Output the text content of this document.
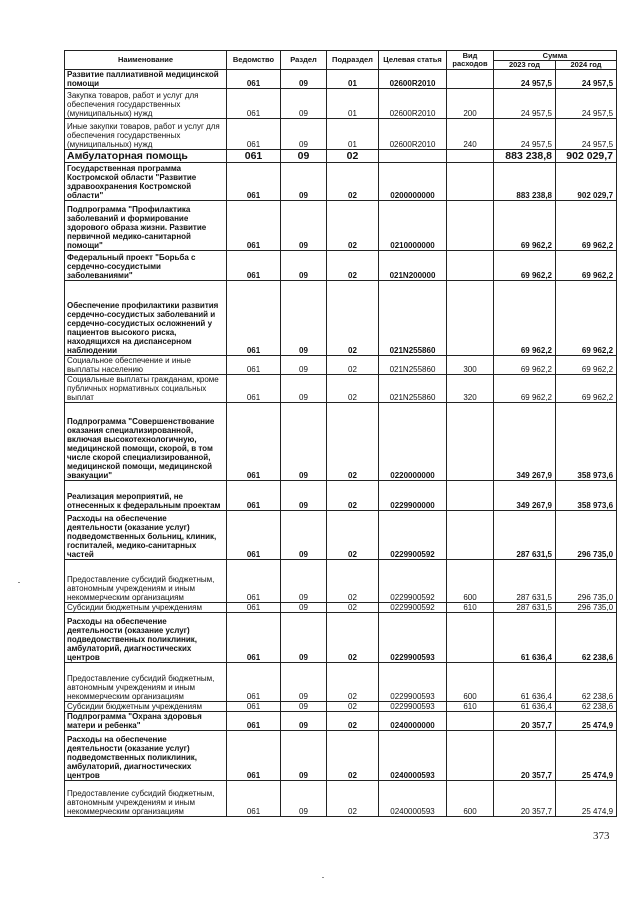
Наименование	Ведомство	Раздел	Подраздел	Целевая статья	Вид расходов	Сумма	
						2023 год	2024 год
Развитие паллиативной медицинской помощи	061	09	01	02600R2010		24 957,5	24 957,5
Закупка товаров, работ и услуг для обеспечения государственных (муниципальных) нужд	061	09	01	02600R2010	200	24 957,5	24 957,5
Иные закупки товаров, работ и услуг для обеспечения государственных (муниципальных) нужд	061	09	01	02600R2010	240	24 957,5	24 957,5
Амбулаторная помощь	061	09	02			883 238,8	902 029,7
Государственная программа Костромской области "Развитие здравоохранения Костромской области"	061	09	02	0200000000		883 238,8	902 029,7
Подпрограмма "Профилактика заболеваний и формирование здорового образа жизни. Развитие первичной медико-санитарной помощи"	061	09	02	0210000000		69 962,2	69 962,2
Федеральный проект "Борьба с сердечно-сосудистыми заболеваниями"	061	09	02	021N200000		69 962,2	69 962,2
Обеспечение профилактики развития сердечно-сосудистых заболеваний и сердечно-сосудистых осложнений у пациентов высокого риска, находящихся на диспансерном наблюдении	061	09	02	021N255860		69 962,2	69 962,2
Социальное обеспечение и иные выплаты населению	061	09	02	021N255860	300	69 962,2	69 962,2
Социальные выплаты гражданам, кроме публичных нормативных социальных выплат	061	09	02	021N255860	320	69 962,2	69 962,2
Подпрограмма "Совершенствование оказания специализированной, включая высокотехнологичную, медицинской помощи, скорой, в том числе скорой специализированной, медицинской помощи, медицинской эвакуации"	061	09	02	0220000000		349 267,9	358 973,6
Реализация мероприятий, не отнесенных к федеральным проектам	061	09	02	0229900000		349 267,9	358 973,6
Расходы на обеспечение деятельности (оказание услуг) подведомственных больниц, клиник, госпиталей, медико-санитарных частей	061	09	02	0229900592		287 631,5	296 735,0
Предоставление субсидий бюджетным, автономным учреждениям и иным некоммерческим организациям	061	09	02	0229900592	600	287 631,5	296 735,0
Субсидии бюджетным учреждениям	061	09	02	0229900592	610	287 631,5	296 735,0
Расходы на обеспечение деятельности (оказание услуг) подведомственных поликлиник, амбулаторий, диагностических центров	061	09	02	0229900593		61 636,4	62 238,6
Предоставление субсидий бюджетным, автономным учреждениям и иным некоммерческим организациям	061	09	02	0229900593	600	61 636,4	62 238,6
Субсидии бюджетным учреждениям	061	09	02	0229900593	610	61 636,4	62 238,6
Подпрограмма "Охрана здоровья матери и ребенка"	061	09	02	0240000000		20 357,7	25 474,9
Расходы на обеспечение деятельности (оказание услуг) подведомственных поликлиник, амбулаторий, диагностических центров	061	09	02	0240000593		20 357,7	25 474,9
Предоставление субсидий бюджетным, автономным учреждениям и иным некоммерческим организациям	061	09	02	0240000593	600	20 357,7	25 474,9
373
